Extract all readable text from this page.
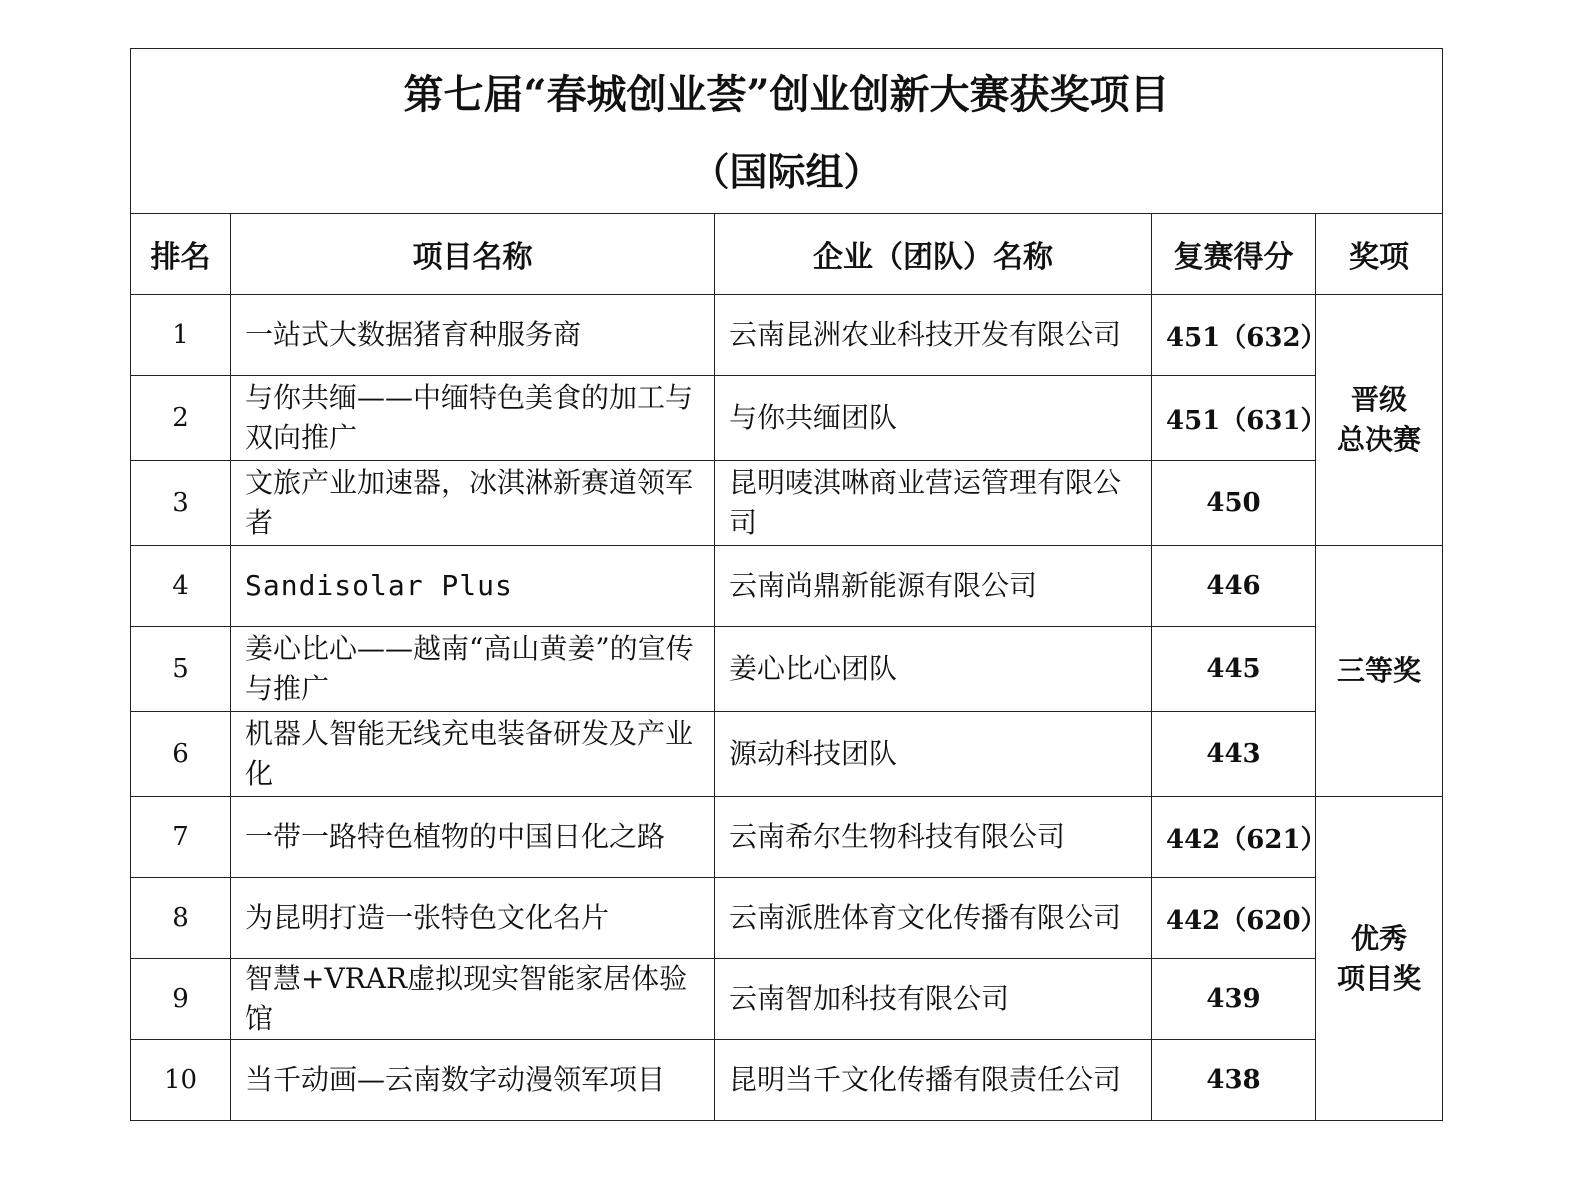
第七届“春城创业荟”创业创新大赛获奖项目
（国际组）				

排名	项目名称	企业（团队）名称	复赛得分	奖项
1	一站式大数据猪育种服务商	云南昆洲农业科技开发有限公司	451（632）	晋级
总决赛

2	与你共缅——中缅特色美食的加工与双向推广	与你共缅团队	451（631）	
3	文旅产业加速器，冰淇淋新赛道领军者	昆明唛淇啉商业营运管理有限公司	450	
4	Sandisolar Plus	云南尚鼎新能源有限公司	446	三等奖

5	姜心比心——越南“高山黄姜”的宣传与推广	姜心比心团队	445	
6	机器人智能无线充电装备研发及产业化	源动科技团队	443	
7	一带一路特色植物的中国日化之路	云南希尔生物科技有限公司	442（621）	优秀
项目奖

8	为昆明打造一张特色文化名片	云南派胜体育文化传播有限公司	442（620）	
9	智慧+VRAR虚拟现实智能家居体验馆	云南智加科技有限公司	439	
10	当千动画—云南数字动漫领军项目	昆明当千文化传播有限责任公司	438	
